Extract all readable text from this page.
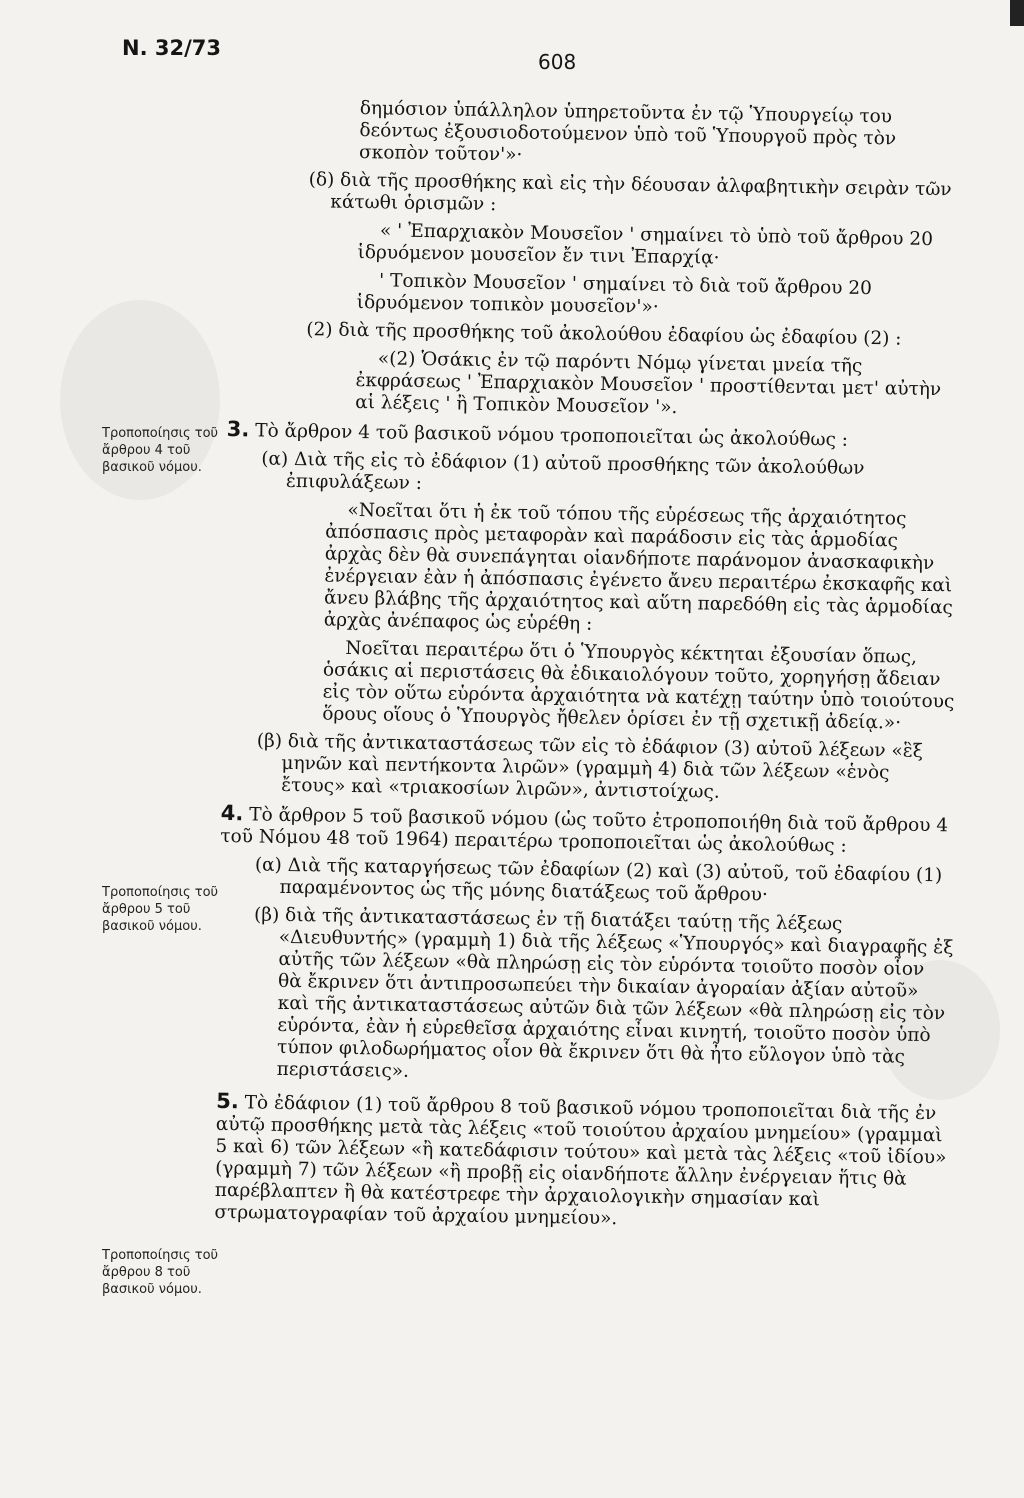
N. 32/73
608
Τροποποίησις τοῦ ἄρθρου 4 τοῦ βασικοῦ νόμου.
Τροποποίησις τοῦ ἄρθρου 5 τοῦ βασικοῦ νόμου.
Τροποποίησις τοῦ ἄρθρου 8 τοῦ βασικοῦ νόμου.

δημόσιον ὑπάλληλον ὑπηρετοῦντα ἐν τῷ Ὑπουργείῳ του δεόντως ἐξουσιοδοτούμενον ὑπὸ τοῦ Ὑπουργοῦ πρὸς τὸν σκοπὸν τοῦτον'»·

(δ) διὰ τῆς προσθήκης καὶ εἰς τὴν δέουσαν ἀλφαβητικὴν σειρὰν τῶν κάτωθι ὁρισμῶν :

« ' Ἐπαρχιακὸν Μουσεῖον ' σημαίνει τὸ ὑπὸ τοῦ ἄρθρου 20 ἱδρυόμενον μουσεῖον ἔν τινι Ἐπαρχίᾳ·

' Τοπικὸν Μουσεῖον ' σημαίνει τὸ διὰ τοῦ ἄρθρου 20 ἱδρυόμενον τοπικὸν μουσεῖον'»·

(2) διὰ τῆς προσθήκης τοῦ ἀκολούθου ἐδαφίου ὡς ἐδαφίου (2) :

«(2) Ὁσάκις ἐν τῷ παρόντι Νόμῳ γίνεται μνεία τῆς ἐκφράσεως ' Ἐπαρχιακὸν Μουσεῖον ' προστίθενται μετ' αὐτὴν αἱ λέξεις ' ἢ Τοπικὸν Μουσεῖον '».

3. Τὸ ἄρθρον 4 τοῦ βασικοῦ νόμου τροποποιεῖται ὡς ἀκολούθως :

(α) Διὰ τῆς εἰς τὸ ἐδάφιον (1) αὐτοῦ προσθήκης τῶν ἀκολούθων ἐπιφυλάξεων :

«Νοεῖται ὅτι ἡ ἐκ τοῦ τόπου τῆς εὑρέσεως τῆς ἀρχαιότητος ἀπόσπασις πρὸς μεταφορὰν καὶ παράδοσιν εἰς τὰς ἁρμοδίας ἀρχὰς δὲν θὰ συνεπάγηται οἱανδήποτε παράνομον ἀνασκαφικὴν ἐνέργειαν ἐὰν ἡ ἀπόσπασις ἐγένετο ἄνευ περαιτέρω ἐκσκαφῆς καὶ ἄνευ βλάβης τῆς ἀρχαιότητος καὶ αὕτη παρεδόθη εἰς τὰς ἁρμοδίας ἀρχὰς ἀνέπαφος ὡς εὑρέθη :

Νοεῖται περαιτέρω ὅτι ὁ Ὑπουργὸς κέκτηται ἐξουσίαν ὅπως, ὁσάκις αἱ περιστάσεις θὰ ἐδικαιολόγουν τοῦτο, χορηγήσῃ ἄδειαν εἰς τὸν οὕτω εὑρόντα ἀρχαιότητα νὰ κατέχῃ ταύτην ὑπὸ τοιούτους ὅρους οἵους ὁ Ὑπουργὸς ἤθελεν ὁρίσει ἐν τῇ σχετικῇ ἀδείᾳ.»·

(β) διὰ τῆς ἀντικαταστάσεως τῶν εἰς τὸ ἐδάφιον (3) αὐτοῦ λέξεων «ἓξ μηνῶν καὶ πεντήκοντα λιρῶν» (γραμμὴ 4) διὰ τῶν λέξεων «ἑνὸς ἔτους» καὶ «τριακοσίων λιρῶν», ἀντιστοίχως.

4. Τὸ ἄρθρον 5 τοῦ βασικοῦ νόμου (ὡς τοῦτο ἐτροποποιήθη διὰ τοῦ ἄρθρου 4 τοῦ Νόμου 48 τοῦ 1964) περαιτέρω τροποποιεῖται ὡς ἀκολούθως :

(α) Διὰ τῆς καταργήσεως τῶν ἐδαφίων (2) καὶ (3) αὐτοῦ, τοῦ ἐδαφίου (1) παραμένοντος ὡς τῆς μόνης διατάξεως τοῦ ἄρθρου·

(β) διὰ τῆς ἀντικαταστάσεως ἐν τῇ διατάξει ταύτῃ τῆς λέξεως «Διευθυντής» (γραμμὴ 1) διὰ τῆς λέξεως «Ὑπουργός» καὶ διαγραφῆς ἐξ αὐτῆς τῶν λέξεων «θὰ πληρώσῃ εἰς τὸν εὑρόντα τοιοῦτο ποσὸν οἷον θὰ ἔκρινεν ὅτι ἀντιπροσωπεύει τὴν δικαίαν ἀγοραίαν ἀξίαν αὐτοῦ» καὶ τῆς ἀντικαταστάσεως αὐτῶν διὰ τῶν λέξεων «θὰ πληρώσῃ εἰς τὸν εὑρόντα, ἐὰν ἡ εὑρεθεῖσα ἀρχαιότης εἶναι κινητή, τοιοῦτο ποσὸν ὑπὸ τύπον φιλοδωρήματος οἷον θὰ ἔκρινεν ὅτι θὰ ἦτο εὔλογον ὑπὸ τὰς περιστάσεις».

5. Τὸ ἐδάφιον (1) τοῦ ἄρθρου 8 τοῦ βασικοῦ νόμου τροποποιεῖται διὰ τῆς ἐν αὐτῷ προσθήκης μετὰ τὰς λέξεις «τοῦ τοιούτου ἀρχαίου μνημείου» (γραμμαὶ 5 καὶ 6) τῶν λέξεων «ἢ κατεδάφισιν τούτου» καὶ μετὰ τὰς λέξεις «τοῦ ἰδίου» (γραμμὴ 7) τῶν λέξεων «ἢ προβῇ εἰς οἱανδήποτε ἄλλην ἐνέργειαν ἥτις θὰ παρέβλαπτεν ἢ θὰ κατέστρεφε τὴν ἀρχαιολογικὴν σημασίαν καὶ στρωματογραφίαν τοῦ ἀρχαίου μνημείου».
